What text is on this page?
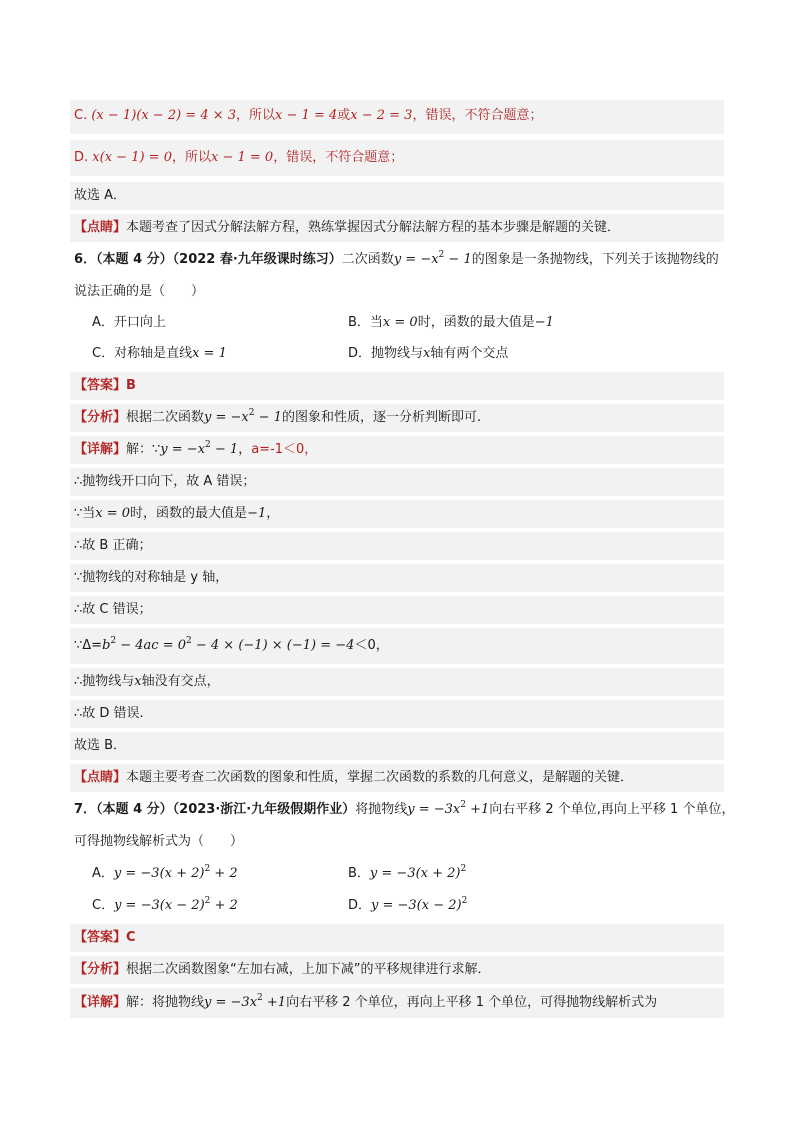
C. (x − 1)(x − 2) = 4 × 3，所以x − 1 = 4或x − 2 = 3，错误，不符合题意；
D. x(x − 1) = 0，所以x − 1 = 0，错误，不符合题意；
故选 A．
【点睛】本题考查了因式分解法解方程，熟练掌握因式分解法解方程的基本步骤是解题的关键．
6．（本题 4 分）（2022 春·九年级课时练习）二次函数$y = -x^2 - 1$的图象是一条抛物线，下列关于该抛物线的
说法正确的是（　　）
A．开口向上	B．当x = 0时，函数的最大值是−1
C．对称轴是直线x = 1	D．抛物线与x轴有两个交点
【答案】B
【分析】根据二次函数$y = -x^2 - 1$的图象和性质，逐一分析判断即可.
【详解】解：∵y = $-x^2 - 1$，a=-1＜0，
∴抛物线开口向下，故 A 错误；
∵当x = 0时，函数的最大值是−1，
∴故 B 正确；
∵抛物线的对称轴是 y 轴，
∴故 C 错误；
$\because\Delta=b^2 - 4ac = 0^2 - 4 \times (-1) \times (-1) = -4<0$，
∴抛物线与x轴没有交点，
∴故 D 错误.
故选 B．
【点睛】本题主要考查二次函数的图象和性质，掌握二次函数的系数的几何意义，是解题的关键．
7．（本题 4 分）（2023·浙江·九年级假期作业）将抛物线$y = -3x^2 +1$向右平移 2 个单位,再向上平移 1 个单位，
可得抛物线解析式为（　　）
A．$y = -3(x + 2)^2 + 2$	B．$y = -3(x + 2)^2$
C．$y = -3(x - 2)^2 + 2$	D．$y = -3(x - 2)^2$
【答案】C
【分析】根据二次函数图象“左加右减，上加下减”的平移规律进行求解．
【详解】解：将抛物线$y = -3x^2 +1$向右平移 2 个单位，再向上平移 1 个单位，可得抛物线解析式为
